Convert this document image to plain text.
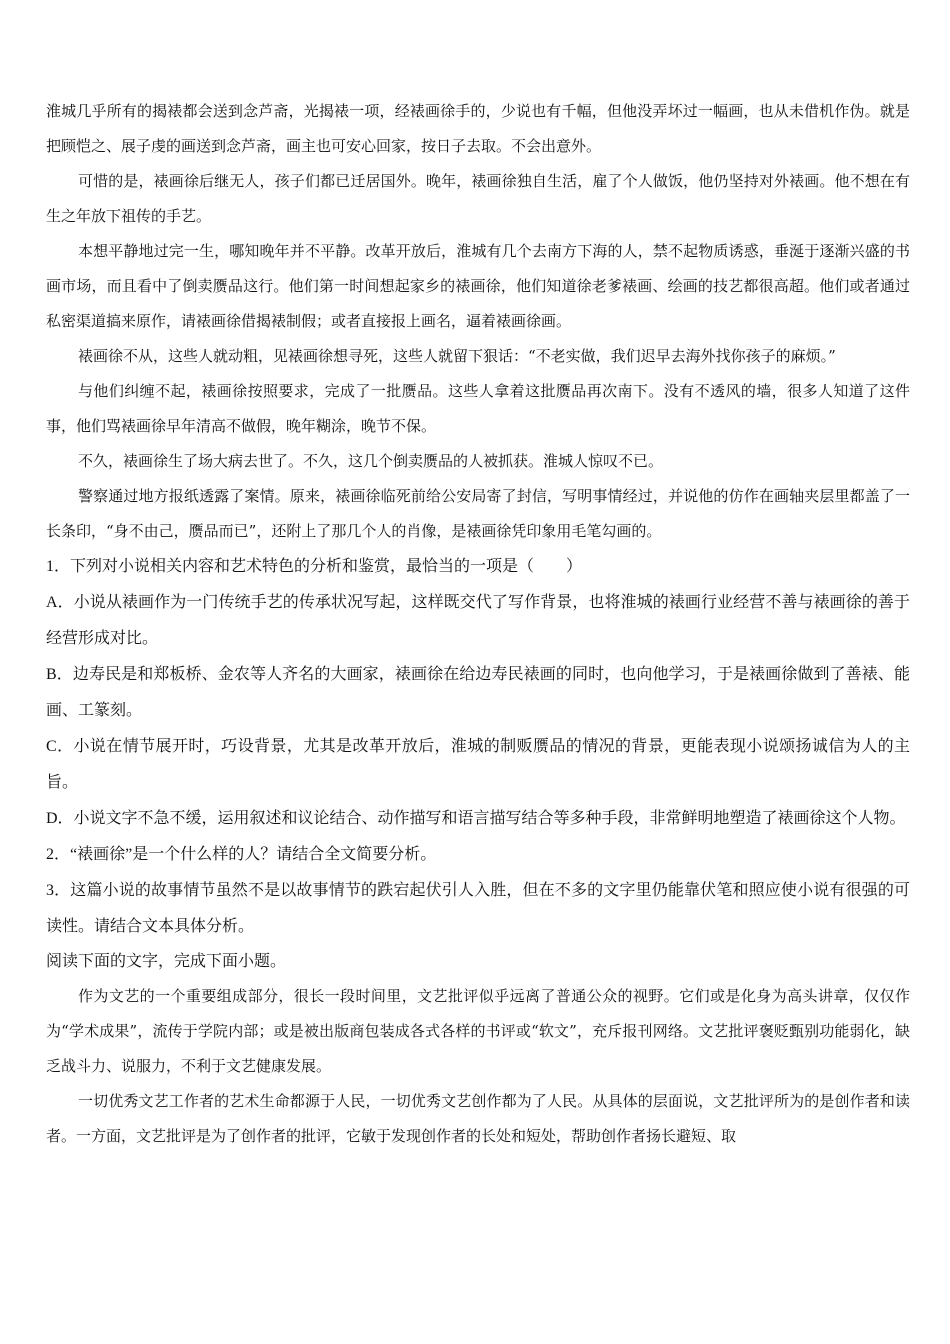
淮城几乎所有的揭裱都会送到念芦斋，光揭裱一项，经裱画徐手的，少说也有千幅，但他没弄坏过一幅画，也从未借机作伪。就是把顾恺之、展子虔的画送到念芦斋，画主也可安心回家，按日子去取。不会出意外。

可惜的是，裱画徐后继无人，孩子们都已迁居国外。晚年，裱画徐独自生活，雇了个人做饭，他仍坚持对外裱画。他不想在有生之年放下祖传的手艺。

本想平静地过完一生，哪知晚年并不平静。改革开放后，淮城有几个去南方下海的人，禁不起物质诱惑，垂涎于逐渐兴盛的书画市场，而且看中了倒卖赝品这行。他们第一时间想起家乡的裱画徐，他们知道徐老爹裱画、绘画的技艺都很高超。他们或者通过私密渠道搞来原作，请裱画徐借揭裱制假；或者直接报上画名，逼着裱画徐画。

裱画徐不从，这些人就动粗，见裱画徐想寻死，这些人就留下狠话：“不老实做，我们迟早去海外找你孩子的麻烦。”

与他们纠缠不起，裱画徐按照要求，完成了一批赝品。这些人拿着这批赝品再次南下。没有不透风的墙，很多人知道了这件事，他们骂裱画徐早年清高不做假，晚年糊涂，晚节不保。

不久，裱画徐生了场大病去世了。不久，这几个倒卖赝品的人被抓获。淮城人惊叹不已。

警察通过地方报纸透露了案情。原来，裱画徐临死前给公安局寄了封信，写明事情经过，并说他的仿作在画轴夹层里都盖了一长条印，“身不由己，赝品而已”，还附上了那几个人的肖像，是裱画徐凭印象用毛笔勾画的。

1．下列对小说相关内容和艺术特色的分析和鉴赏，最恰当的一项是（　　）

A．小说从裱画作为一门传统手艺的传承状况写起，这样既交代了写作背景，也将淮城的裱画行业经营不善与裱画徐的善于经营形成对比。

B．边寿民是和郑板桥、金农等人齐名的大画家，裱画徐在给边寿民裱画的同时，也向他学习，于是裱画徐做到了善裱、能画、工篆刻。

C．小说在情节展开时，巧设背景，尤其是改革开放后，淮城的制贩赝品的情况的背景，更能表现小说颂扬诚信为人的主旨。

D．小说文字不急不缓，运用叙述和议论结合、动作描写和语言描写结合等多种手段，非常鲜明地塑造了裱画徐这个人物。

2．“裱画徐”是一个什么样的人？请结合全文简要分析。

3．这篇小说的故事情节虽然不是以故事情节的跌宕起伏引人入胜，但在不多的文字里仍能靠伏笔和照应使小说有很强的可读性。请结合文本具体分析。

阅读下面的文字，完成下面小题。

作为文艺的一个重要组成部分，很长一段时间里，文艺批评似乎远离了普通公众的视野。它们或是化身为高头讲章，仅仅作为“学术成果”，流传于学院内部；或是被出版商包装成各式各样的书评或“软文”，充斥报刊网络。文艺批评褒贬甄别功能弱化，缺乏战斗力、说服力，不利于文艺健康发展。

一切优秀文艺工作者的艺术生命都源于人民，一切优秀文艺创作都为了人民。从具体的层面说，文艺批评所为的是创作者和读者。一方面，文艺批评是为了创作者的批评，它敏于发现创作者的长处和短处，帮助创作者扬长避短、取
